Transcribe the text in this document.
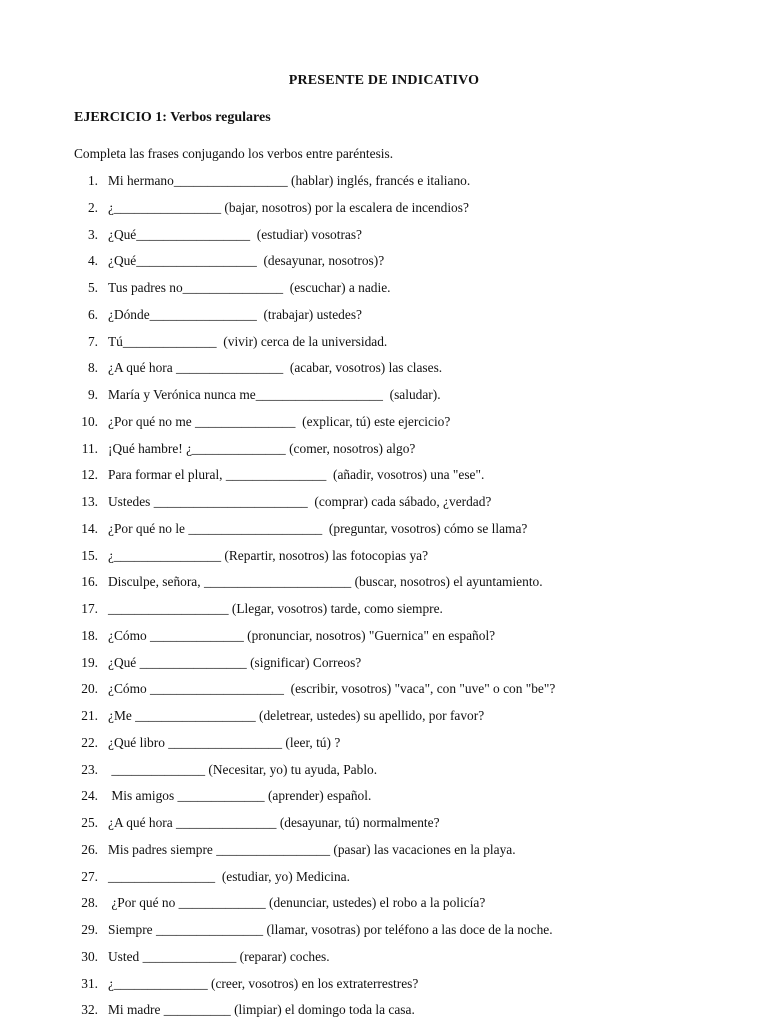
PRESENTE DE INDICATIVO
EJERCICIO 1: Verbos regulares
Completa las frases conjugando los verbos entre paréntesis.
1. Mi hermano_________________ (hablar) inglés, francés e italiano.
2. ¿________________ (bajar, nosotros) por la escalera de incendios?
3. ¿Qué_________________  (estudiar) vosotras?
4. ¿Qué__________________  (desayunar, nosotros)?
5. Tus padres no_______________  (escuchar) a nadie.
6. ¿Dónde________________  (trabajar) ustedes?
7. Tú______________  (vivir) cerca de la universidad.
8. ¿A qué hora ________________  (acabar, vosotros) las clases.
9. María y Verónica nunca me___________________  (saludar).
10. ¿Por qué no me _______________  (explicar, tú) este ejercicio?
11. ¡Qué hambre! ¿______________ (comer, nosotros) algo?
12. Para formar el plural, _______________  (añadir, vosotros) una "ese".
13. Ustedes _______________________  (comprar) cada sábado, ¿verdad?
14. ¿Por qué no le ____________________  (preguntar, vosotros) cómo se llama?
15. ¿________________ (Repartir, nosotros) las fotocopias ya?
16. Disculpe, señora, ______________________ (buscar, nosotros) el ayuntamiento.
17. __________________ (Llegar, vosotros) tarde, como siempre.
18. ¿Cómo ______________ (pronunciar, nosotros) "Guernica" en español?
19. ¿Qué ________________ (significar) Correos?
20. ¿Cómo ____________________  (escribir, vosotros) "vaca", con "uve" o con "be"?
21. ¿Me __________________ (deletrear, ustedes) su apellido, por favor?
22. ¿Qué libro _________________ (leer, tú) ?
23. ______________ (Necesitar, yo) tu ayuda, Pablo.
24. Mis amigos _____________ (aprender) español.
25. ¿A qué hora _______________ (desayunar, tú) normalmente?
26. Mis padres siempre _________________ (pasar) las vacaciones en la playa.
27. ________________  (estudiar, yo) Medicina.
28. ¿Por qué no _____________ (denunciar, ustedes) el robo a la policía?
29. Siempre ________________ (llamar, vosotras) por teléfono a las doce de la noche.
30. Usted ______________ (reparar) coches.
31. ¿______________ (creer, vosotros) en los extraterrestres?
32. Mi madre __________ (limpiar) el domingo toda la casa.
